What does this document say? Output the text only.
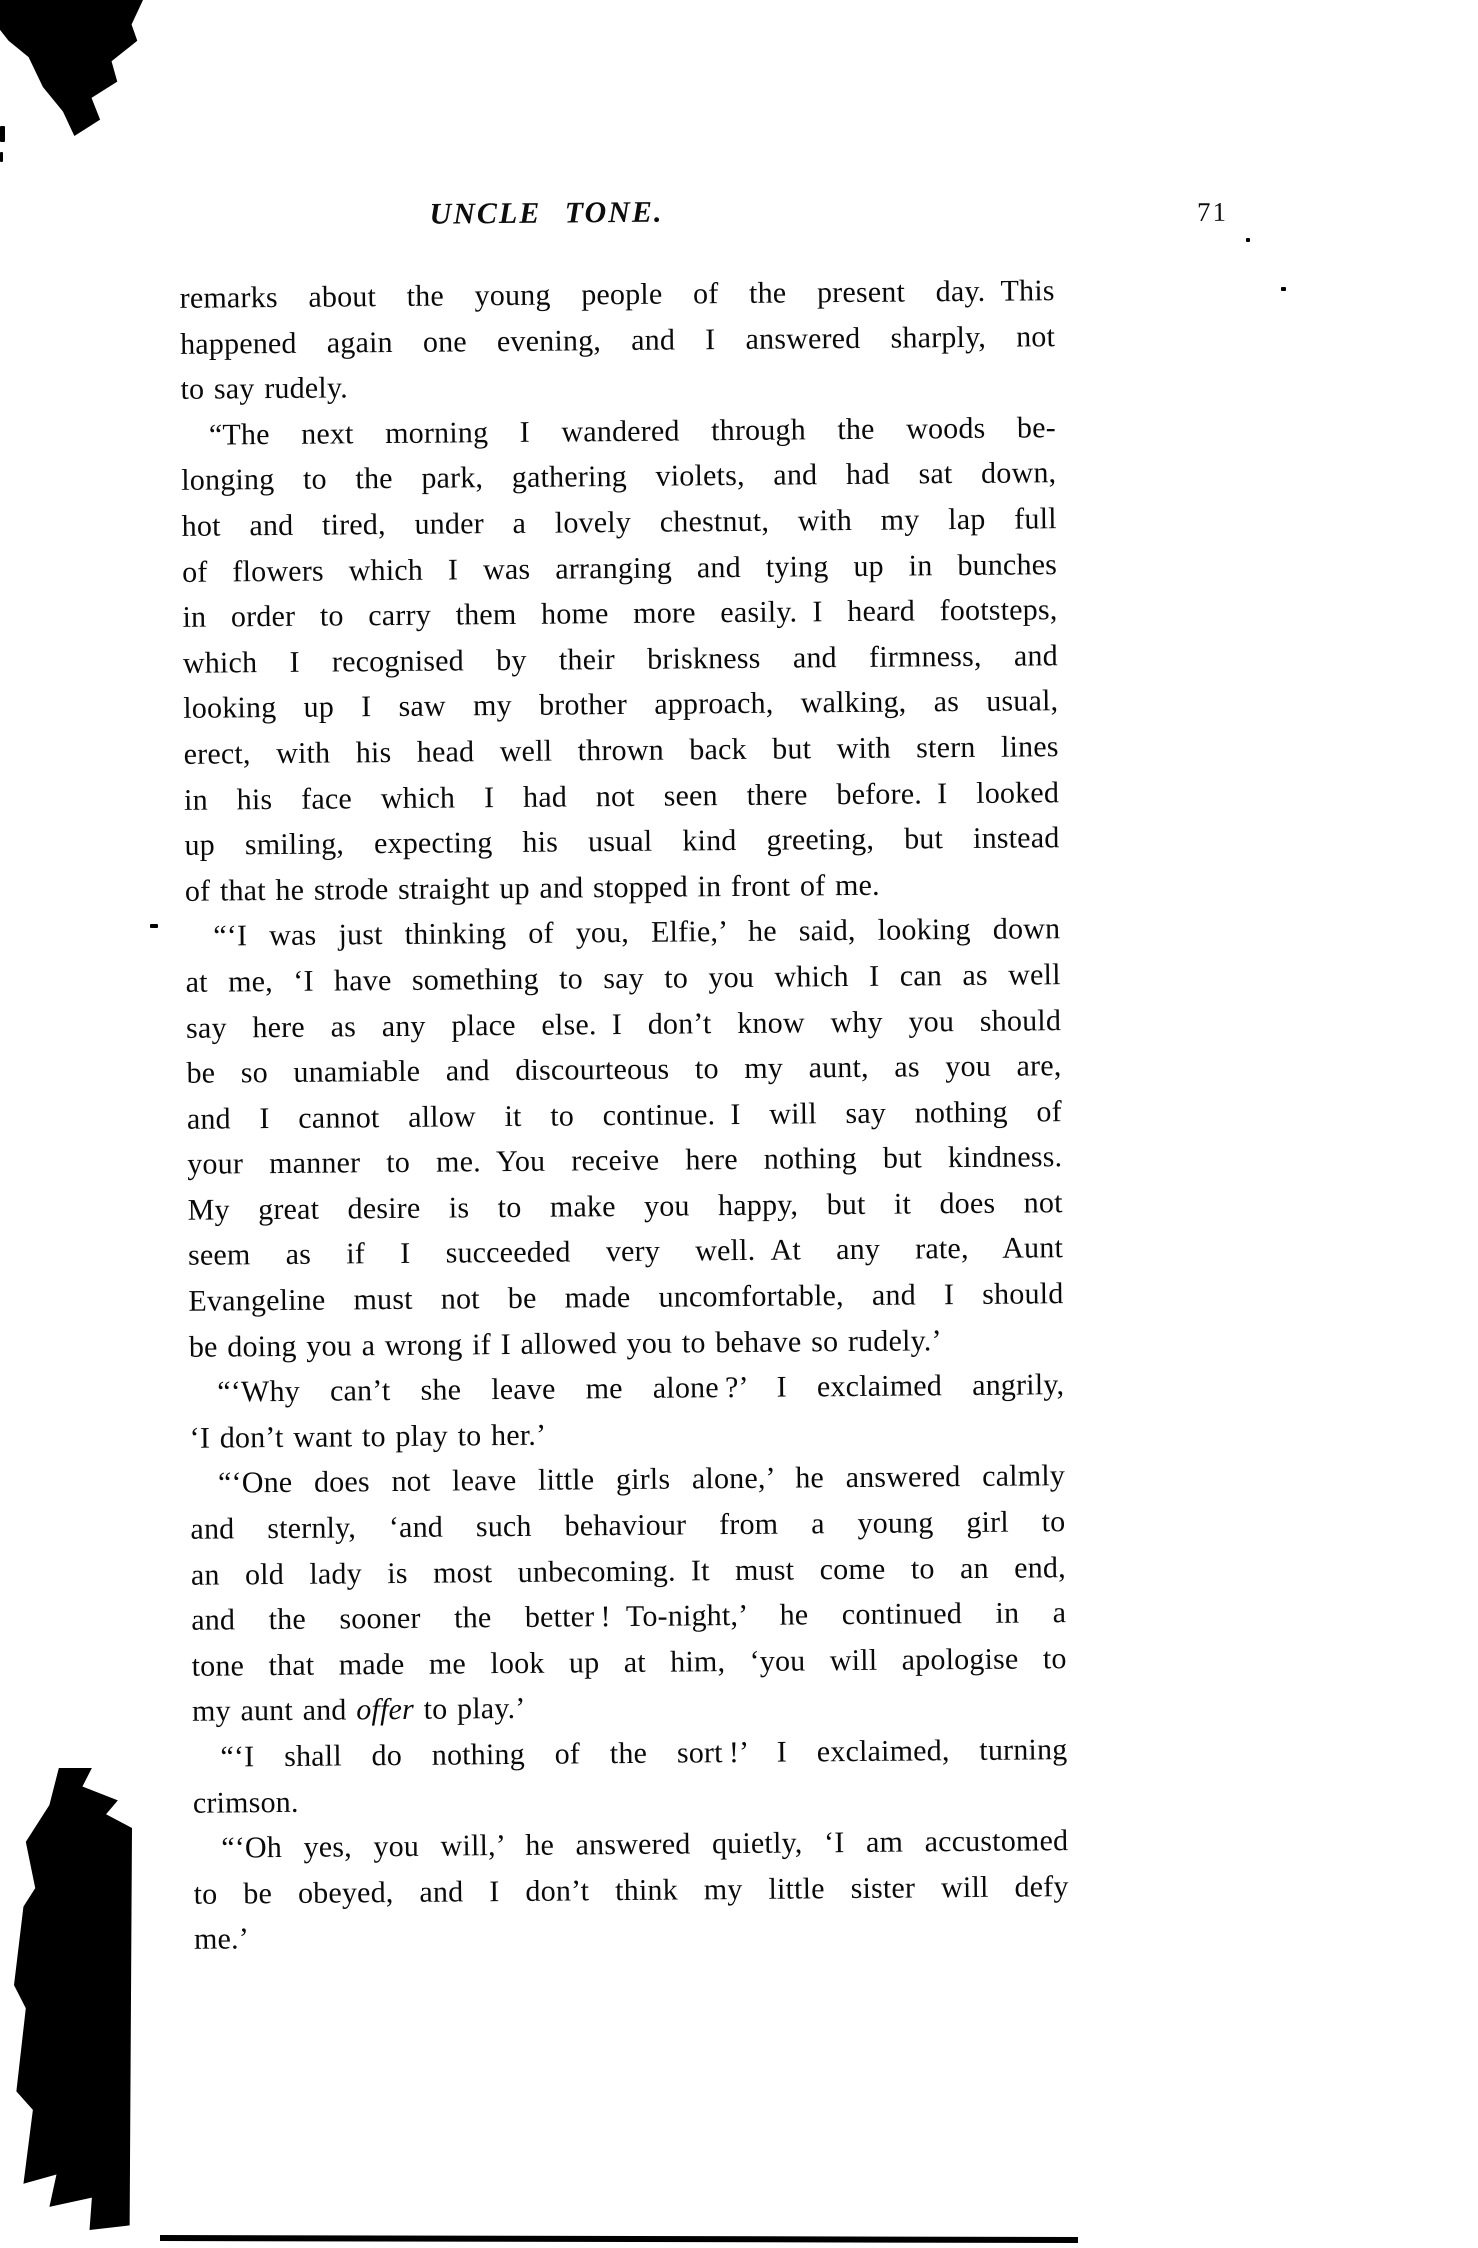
UNCLE TONE.	71
remarks about the young people of the present day. This
happened again one evening, and I answered sharply, not
to say rudely.
“The next morning I wandered through the woods be-
longing to the park, gathering violets, and had sat down,
hot and tired, under a lovely chestnut, with my lap full
of flowers which I was arranging and tying up in bunches
in order to carry them home more easily. I heard footsteps,
which I recognised by their briskness and firmness, and
looking up I saw my brother approach, walking, as usual,
erect, with his head well thrown back but with stern lines
in his face which I had not seen there before. I looked
up smiling, expecting his usual kind greeting, but instead
of that he strode straight up and stopped in front of me.
“‘I was just thinking of you, Elfie,’ he said, looking down
at me, ‘I have something to say to you which I can as well
say here as any place else. I don’t know why you should
be so unamiable and discourteous to my aunt, as you are,
and I cannot allow it to continue. I will say nothing of
your manner to me. You receive here nothing but kindness.
My great desire is to make you happy, but it does not
seem as if I succeeded very well. At any rate, Aunt
Evangeline must not be made uncomfortable, and I should
be doing you a wrong if I allowed you to behave so rudely.’
“‘Why can’t she leave me alone ?’ I exclaimed angrily,
‘I don’t want to play to her.’
“‘One does not leave little girls alone,’ he answered calmly
and sternly, ‘and such behaviour from a young girl to
an old lady is most unbecoming. It must come to an end,
and the sooner the better ! To-night,’ he continued in a
tone that made me look up at him, ‘you will apologise to
my aunt and offer to play.’
“‘I shall do nothing of the sort !’ I exclaimed, turning
crimson.
“‘Oh yes, you will,’ he answered quietly, ‘I am accustomed
to be obeyed, and I don’t think my little sister will defy
me.’
